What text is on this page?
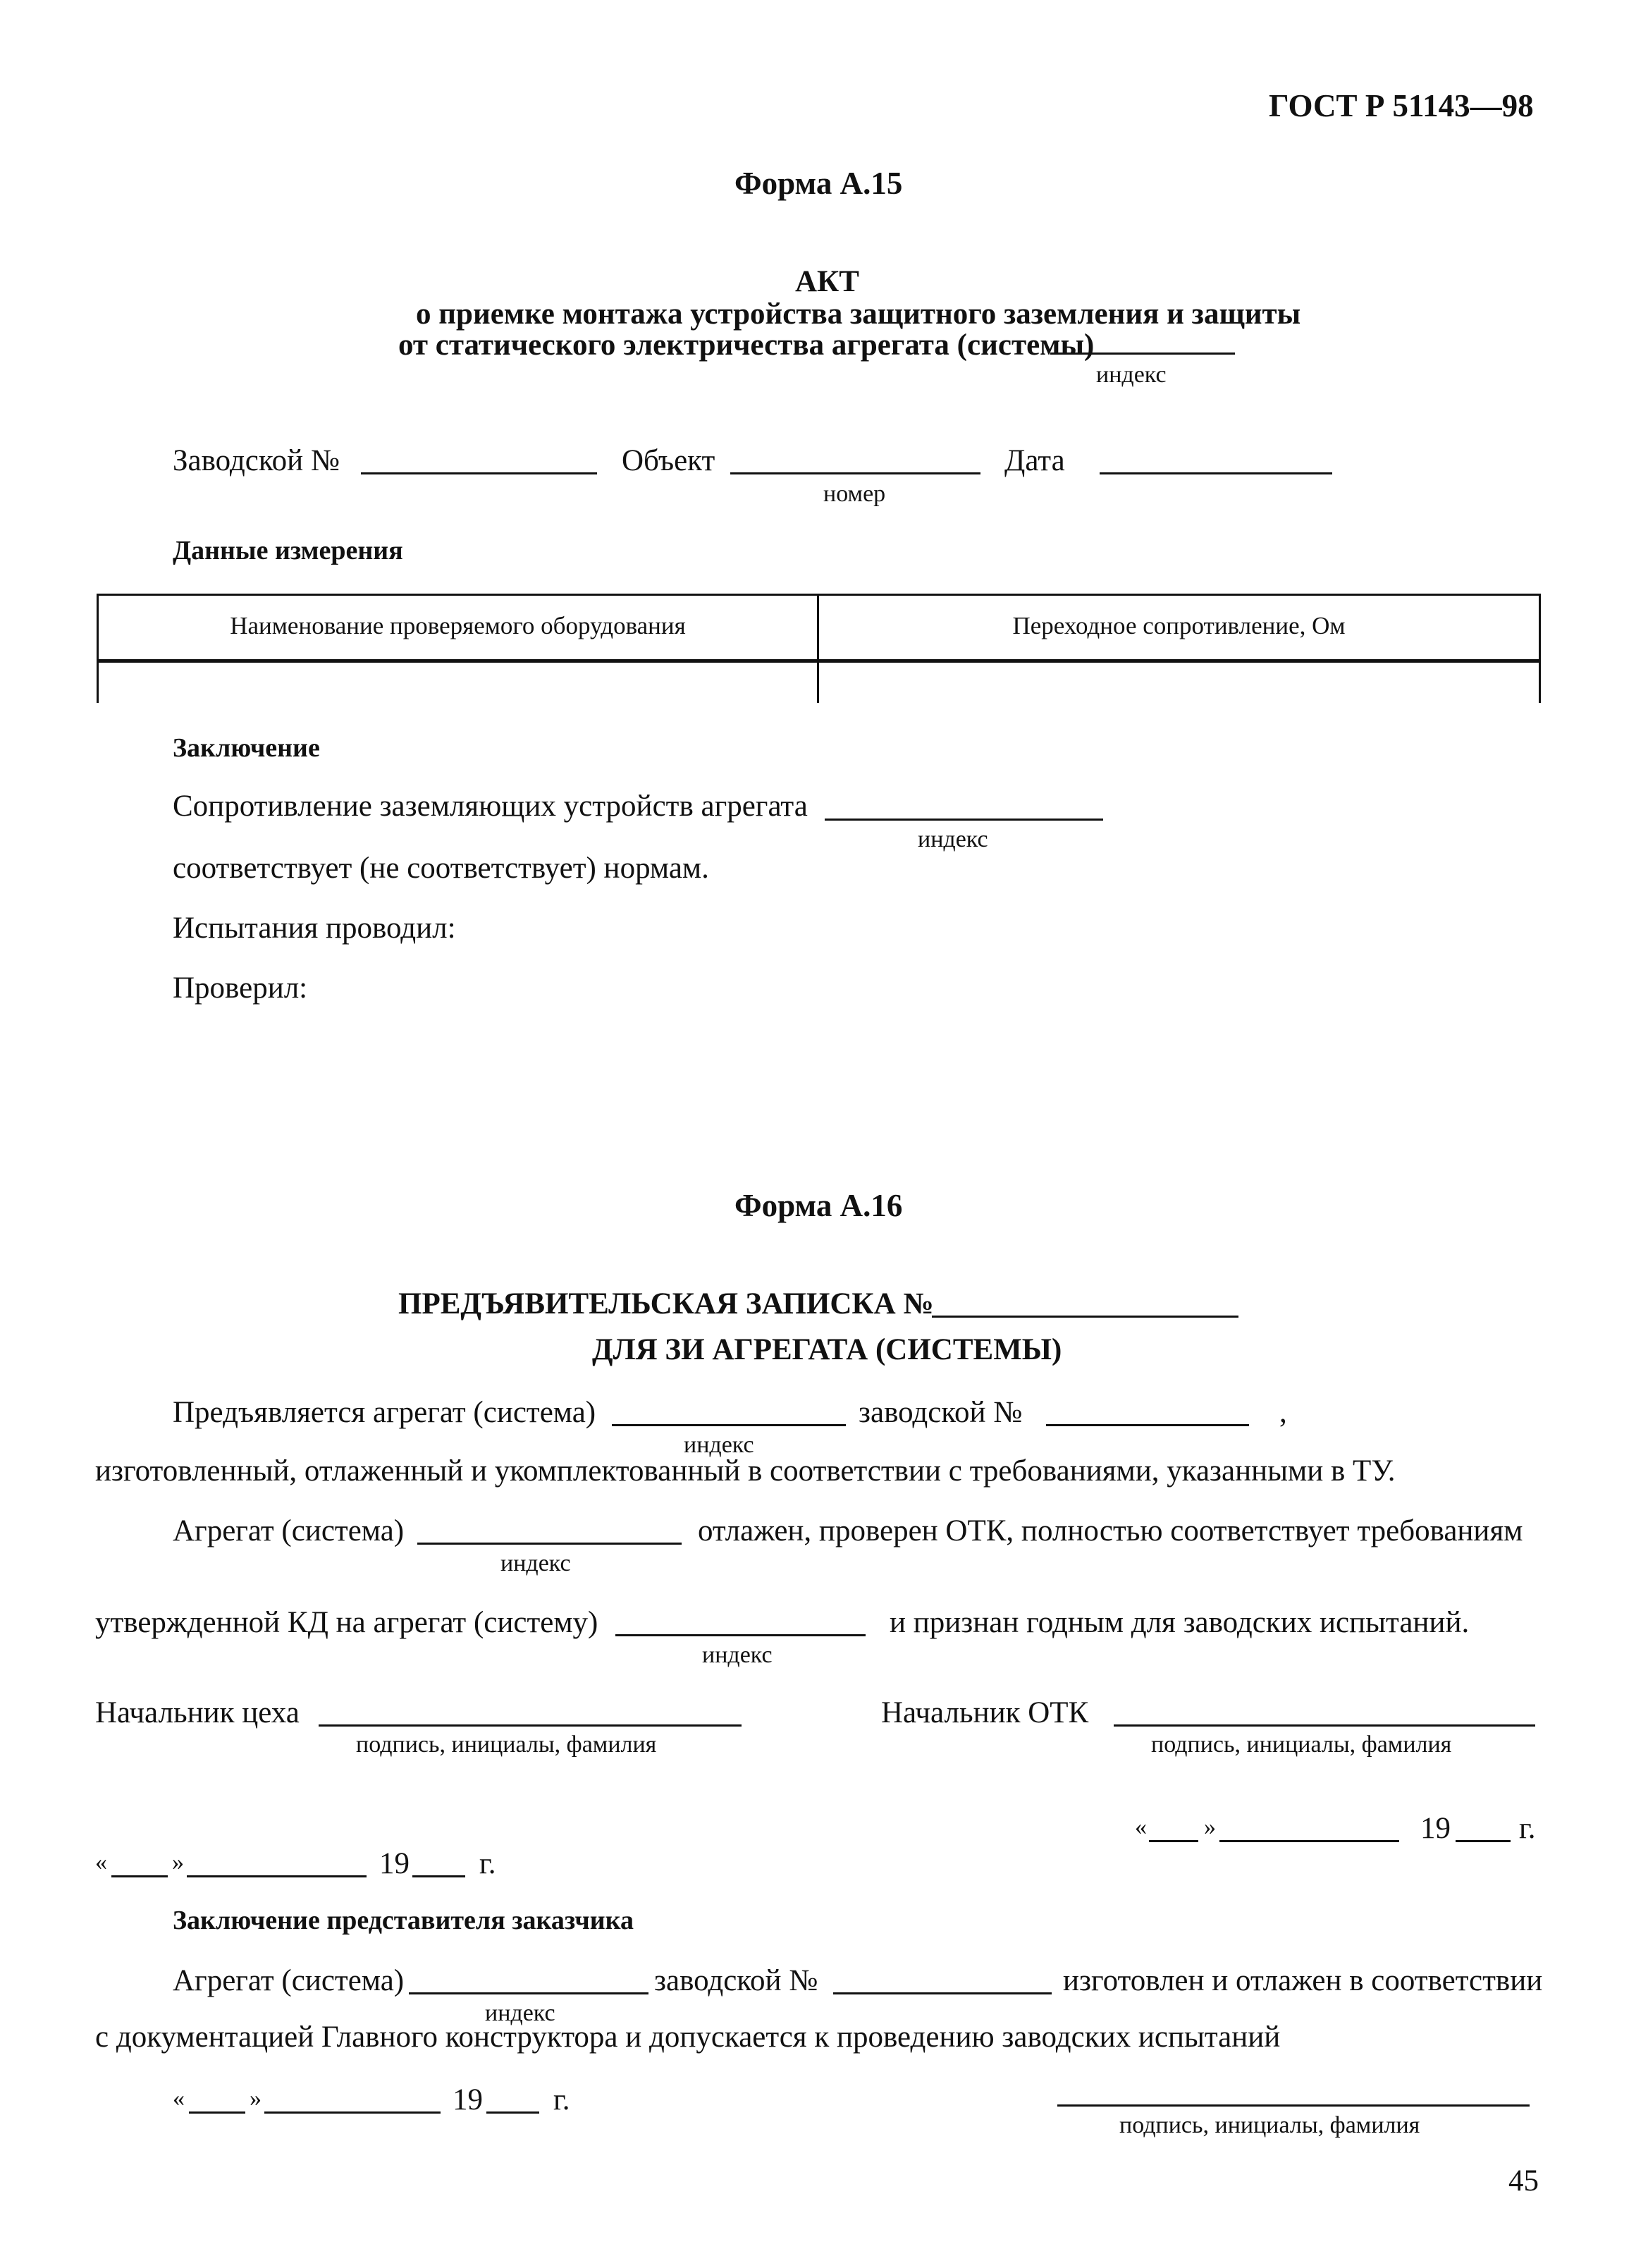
ГОСТ Р 51143—98
Форма А.15
АКТ
о приемке монтажа устройства защитного заземления и защиты
от статического электричества агрегата (системы)
индекс
Заводской №	Объект
номер
Дата
Данные измерения
Наименование проверяемого оборудования	Переходное сопротивление, Ом
Заключение
Сопротивление заземляющих устройств агрегата
индекс
соответствует (не соответствует) нормам.
Испытания проводил:
Проверил:
Форма А.16
ПРЕДЪЯВИТЕЛЬСКАЯ ЗАПИСКА №
ДЛЯ ЗИ АГРЕГАТА (СИСТЕМЫ)
Предъявляется агрегат (система)
индекс
заводской №	,
изготовленный, отлаженный и укомплектованный в соответствии с требованиями, указанными в ТУ.
Агрегат (система)
индекс
отлажен, проверен ОТК, полностью соответствует требованиям
утвержденной КД на агрегат (систему)
индекс
и признан годным для заводских испытаний.
Начальник цеха
подпись, инициалы, фамилия
Начальник ОТК
подпись, инициалы, фамилия
« »	19 г.
«	»	19 г.
Заключение представителя заказчика
Агрегат (система)
индекс
заводской №	изготовлен и отлажен в соответствии
с документацией Главного конструктора и допускается к проведению заводских испытаний
«	»	19 г.
подпись, инициалы, фамилия
45
